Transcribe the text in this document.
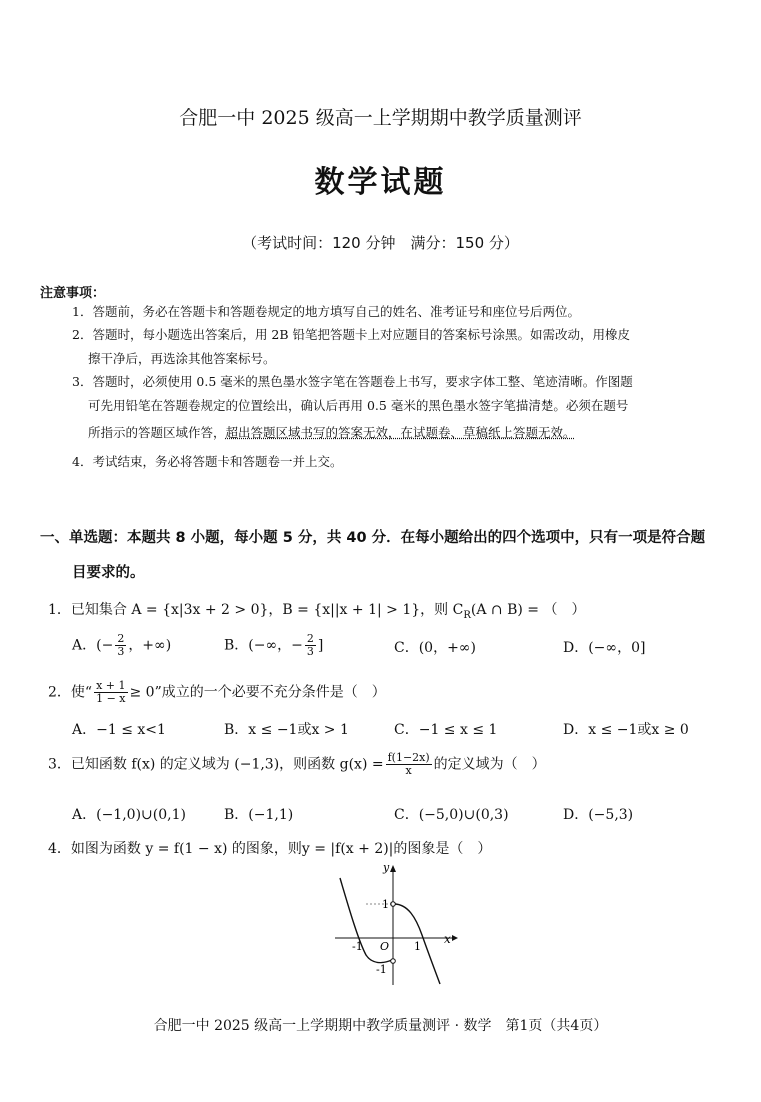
合肥一中 2025 级高一上学期期中教学质量测评
数学试题
（考试时间：120 分钟　满分：150 分）
注意事项：
1．答题前，务必在答题卡和答题卷规定的地方填写自己的姓名、准考证号和座位号后两位。
2．答题时，每小题选出答案后，用 2B 铅笔把答题卡上对应题目的答案标号涂黑。如需改动，用橡皮
擦干净后，再选涂其他答案标号。
3．答题时，必须使用 0.5 毫米的黑色墨水签字笔在答题卷上书写，要求字体工整、笔迹清晰。作图题
可先用铅笔在答题卷规定的位置绘出，确认后再用 0.5 毫米的黑色墨水签字笔描清楚。必须在题号
所指示的答题区域作答，超出答题区域书写的答案无效，在试题卷、草稿纸上答题无效。
4．考试结束，务必将答题卡和答题卷一并上交。
一、单选题：本题共 8 小题，每小题 5 分，共 40 分．在每小题给出的四个选项中，只有一项是符合题
目要求的。
1．已知集合 A = {x|3x + 2 > 0}，B = {x||x + 1| > 1}，则 $C_R(A$ ∩ B) = （　）
A．(− $\frac{2}{3}$ ，+∞)	B．(−∞，− $\frac{2}{3}$ ]	C．(0，+∞)	D．(−∞，0]
2．使“ $\frac{x + 1}{1 - x} \ge 0$”成立的一个必要不充分条件是（　）
A．−1 ≤ x<1	B．x ≤ −1或x > 1	C．−1 ≤ x ≤ 1	D．x ≤ −1或x ≥ 0
3．已知函数 f(x) 的定义域为 (−1,3)，则函数 $g(x) = \frac{f(1-2x)}{x}$ 的定义域为（　）
A．(−1,0)∪(0,1)	B．(−1,1)	C．(−5,0)∪(0,3)	D．(−5,3)
4．如图为函数 y = f(1 − x) 的图象，则y = |f(x + 2)|的图象是（　）
y
x
O 1
-1
1
-1
合肥一中 2025 级高一上学期期中教学质量测评 · 数学　第1页（共4页）
